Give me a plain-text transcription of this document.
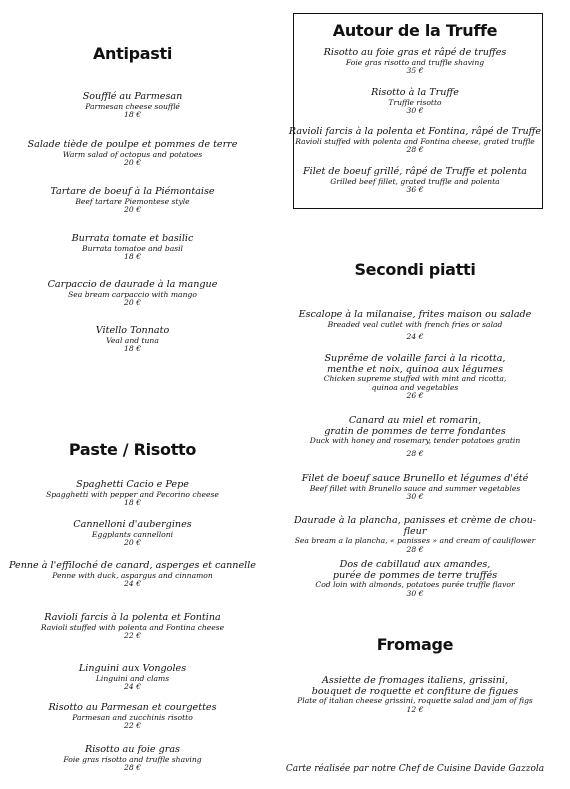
Antipasti
Soufflé au Parmesan
Parmesan cheese soufflé
18 €
Salade tiède de poulpe et pommes de terre
Warm salad of octopus and potatoes
20 €
Tartare de boeuf à la Piémontaise
Beef tartare Piemontese style
20 €
Burrata tomate et basilic
Burrata tomatoe and basil
18 €
Carpaccio de daurade à la mangue
Sea bream carpaccio with mango
20 €
Vitello Tonnato
Veal and tuna
18 €
Paste / Risotto
Spaghetti Cacio e Pepe
Spagghetti with pepper and Pecorino cheese
18 €
Cannelloni d'aubergines
Eggplants cannelloni
20 €
Penne à l'effiloché de canard, asperges et cannelle
Penne with duck, aspargus and cinnamon
24 €
Ravioli farcis à la polenta et Fontina
Ravioli stuffed with polenta and Fontina cheese
22 €
Linguini aux Vongoles
Linguini and clams
24 €
Risotto au Parmesan et courgettes
Parmesan and zucchinis risotto
22 €
Risotto au foie gras
Foie gras risotto and truffle shaving
28 €
Autour de la Truffe
Risotto au foie gras et râpé de truffes
Foie gras risotto and truffle shaving
35 €
Risotto à la Truffe
Truffle risotto
30 €
Ravioli farcis à la polenta et Fontina, râpé de Truffe
Ravioli stuffed with polenta and Fontina cheese, grated truffle
28 €
Filet de boeuf grillé, râpé de Truffe et polenta
Grilled beef fillet, grated truffle and polenta
36 €
Secondi piatti
Escalope à la milanaise, frites maison ou salade
Breaded veal cutlet with french fries or salad
24 €
Suprême de volaille farci à la ricotta,
menthe et noix, quinoa aux légumes
Chicken supreme stuffed with mint and ricotta,
quinoa and vegetables
26 €
Canard au miel et romarin,
gratin de pommes de terre fondantes
Duck with honey and rosemary, tender potatoes gratin
28 €
Filet de boeuf sauce Brunello et légumes d'été
Beef fillet with Brunello sauce and summer vegetables
30 €
Daurade à la plancha, panisses et crème de chou-fleur
Sea bream a la plancha, « panisses » and cream of cauliflower
28 €
Dos de cabillaud aux amandes,
purée de pommes de terre truffés
Cod loin with almonds, potatoes purée truffle flavor
30 €
Fromage
Assiette de fromages italiens, grissini,
bouquet de roquette et confiture de figues
Plate of italian cheese grissini, roquette salad and jam of figs
12 €
Carte réalisée par notre Chef de Cuisine Davide Gazzola
